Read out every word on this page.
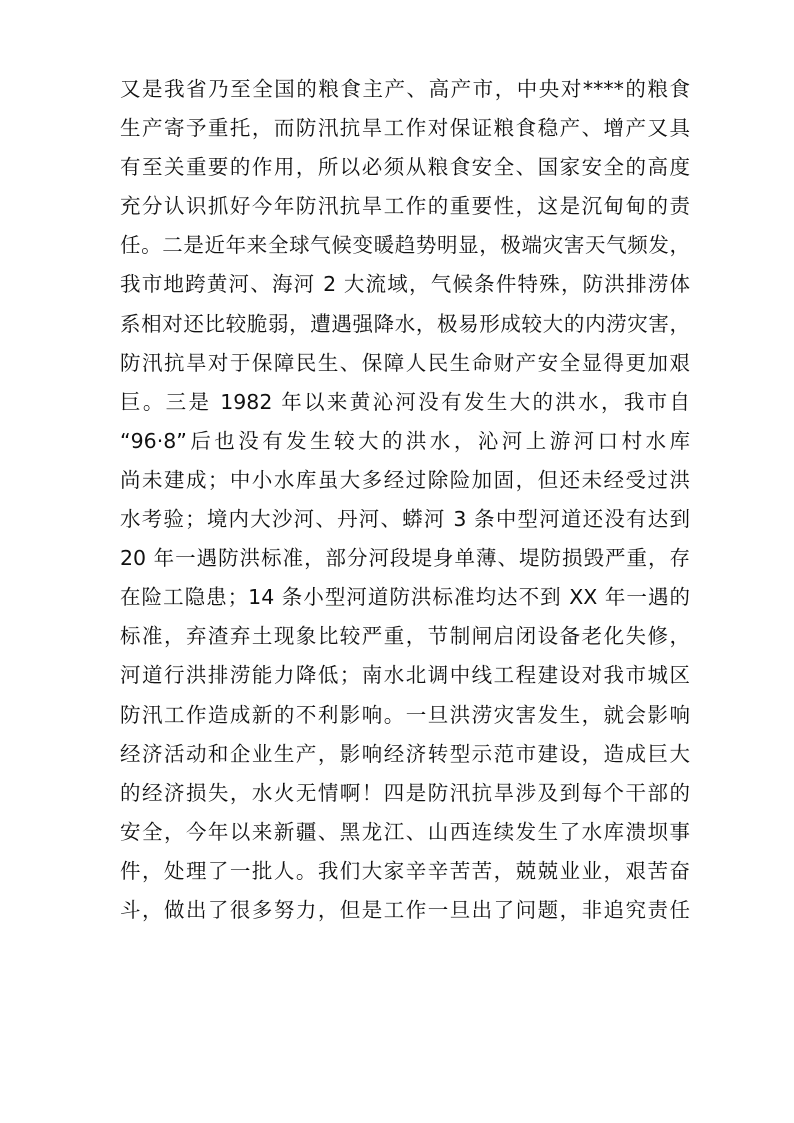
又是我省乃至全国的粮食主产、高产市，中央对****的粮食
生产寄予重托，而防汛抗旱工作对保证粮食稳产、增产又具
有至关重要的作用，所以必须从粮食安全、国家安全的高度
充分认识抓好今年防汛抗旱工作的重要性，这是沉甸甸的责
任。二是近年来全球气候变暖趋势明显，极端灾害天气频发，
我市地跨黄河、海河 2 大流域，气候条件特殊，防洪排涝体
系相对还比较脆弱，遭遇强降水，极易形成较大的内涝灾害，
防汛抗旱对于保障民生、保障人民生命财产安全显得更加艰
巨。三是 1982 年以来黄沁河没有发生大的洪水，我市自
“96·8”后也没有发生较大的洪水，沁河上游河口村水库
尚未建成；中小水库虽大多经过除险加固，但还未经受过洪
水考验；境内大沙河、丹河、蟒河 3 条中型河道还没有达到
20 年一遇防洪标准，部分河段堤身单薄、堤防损毁严重，存
在险工隐患；14 条小型河道防洪标准均达不到 XX 年一遇的
标准，弃渣弃土现象比较严重，节制闸启闭设备老化失修，
河道行洪排涝能力降低；南水北调中线工程建设对我市城区
防汛工作造成新的不利影响。一旦洪涝灾害发生，就会影响
经济活动和企业生产，影响经济转型示范市建设，造成巨大
的经济损失，水火无情啊！四是防汛抗旱涉及到每个干部的
安全，今年以来新疆、黑龙江、山西连续发生了水库溃坝事
件，处理了一批人。我们大家辛辛苦苦，兢兢业业，艰苦奋
斗，做出了很多努力，但是工作一旦出了问题，非追究责任
